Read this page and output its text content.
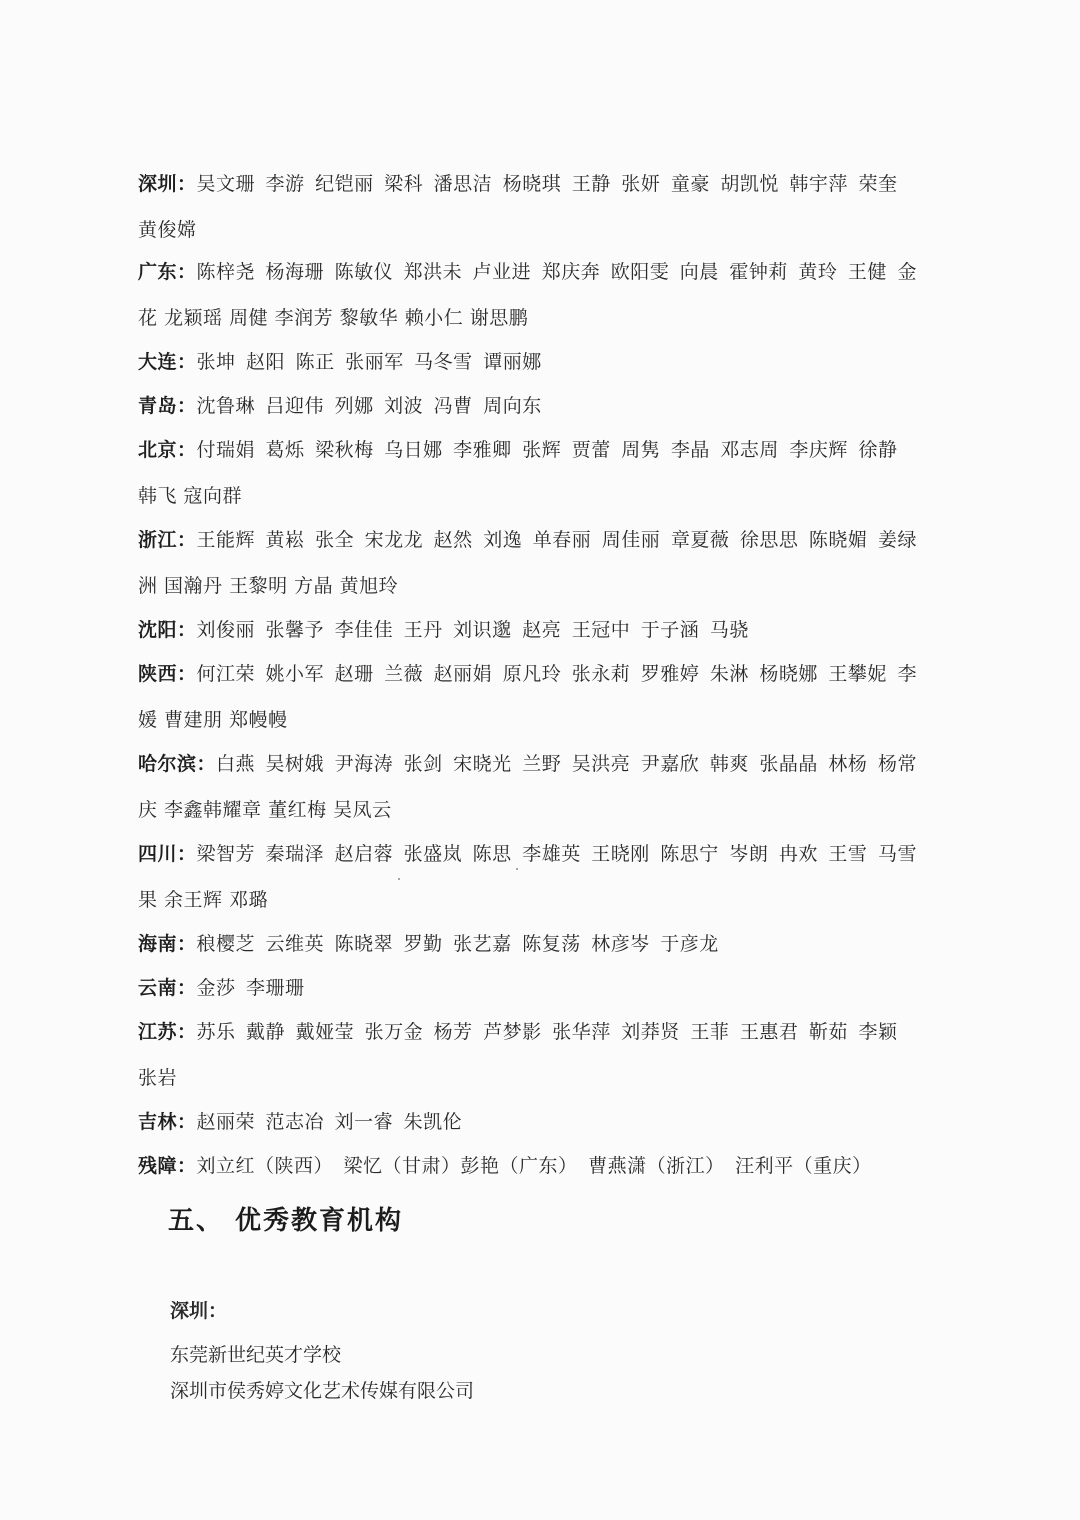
深圳：吴文珊 李游 纪铠丽 梁科 潘思洁 杨晓琪 王静 张妍 童豪 胡凯悦 韩宇萍 荣奎
黄俊嫦
广东：陈梓尧 杨海珊 陈敏仪 郑洪未 卢业进 郑庆奔 欧阳雯 向晨 霍钟莉 黄玲 王健 金
花 龙颖瑶 周健 李润芳 黎敏华 赖小仁 谢思鹏
大连：张坤 赵阳 陈正 张丽军 马冬雪 谭丽娜
青岛：沈鲁琳 吕迎伟 列娜 刘波 冯曹 周向东
北京：付瑞娟 葛烁 梁秋梅 乌日娜 李雅卿 张辉 贾蕾 周隽 李晶 邓志周 李庆辉 徐静
韩飞 寇向群
浙江：王能辉 黄崧 张全 宋龙龙 赵然 刘逸 单春丽 周佳丽 章夏薇 徐思思 陈晓媚 姜绿
洲 国瀚丹 王黎明 方晶 黄旭玲
沈阳：刘俊丽 张馨予 李佳佳 王丹 刘识邈 赵亮 王冠中 于子涵 马骁
陕西：何江荣 姚小军 赵珊 兰薇 赵丽娟 原凡玲 张永莉 罗雅婷 朱淋 杨晓娜 王攀妮 李
媛 曹建朋 郑幔幔
哈尔滨：白燕 吴树娥 尹海涛 张剑 宋晓光 兰野 吴洪亮 尹嘉欣 韩爽 张晶晶 林杨 杨常
庆 李鑫韩耀章 董红梅 吴凤云
四川：梁智芳 秦瑞泽 赵启蓉 张盛岚 陈思 李雄英 王晓刚 陈思宁 岑朗 冉欢 王雪 马雪
果 余王辉 邓璐
海南：稂樱芝 云维英 陈晓翠 罗勤 张艺嘉 陈复荡 林彦岑 于彦龙
云南：金莎 李珊珊
江苏：苏乐 戴静 戴娅莹 张万金 杨芳 芦梦影 张华萍 刘莽贤 王菲 王惠君 靳茹 李颖
张岩
吉林：赵丽荣 范志冶 刘一睿 朱凯伦
残障：刘立红（陕西） 梁忆（甘肃）彭艳（广东） 曹燕潇（浙江） 汪利平（重庆）
五、 优秀教育机构
深圳：
东莞新世纪英才学校
深圳市侯秀婷文化艺术传媒有限公司
